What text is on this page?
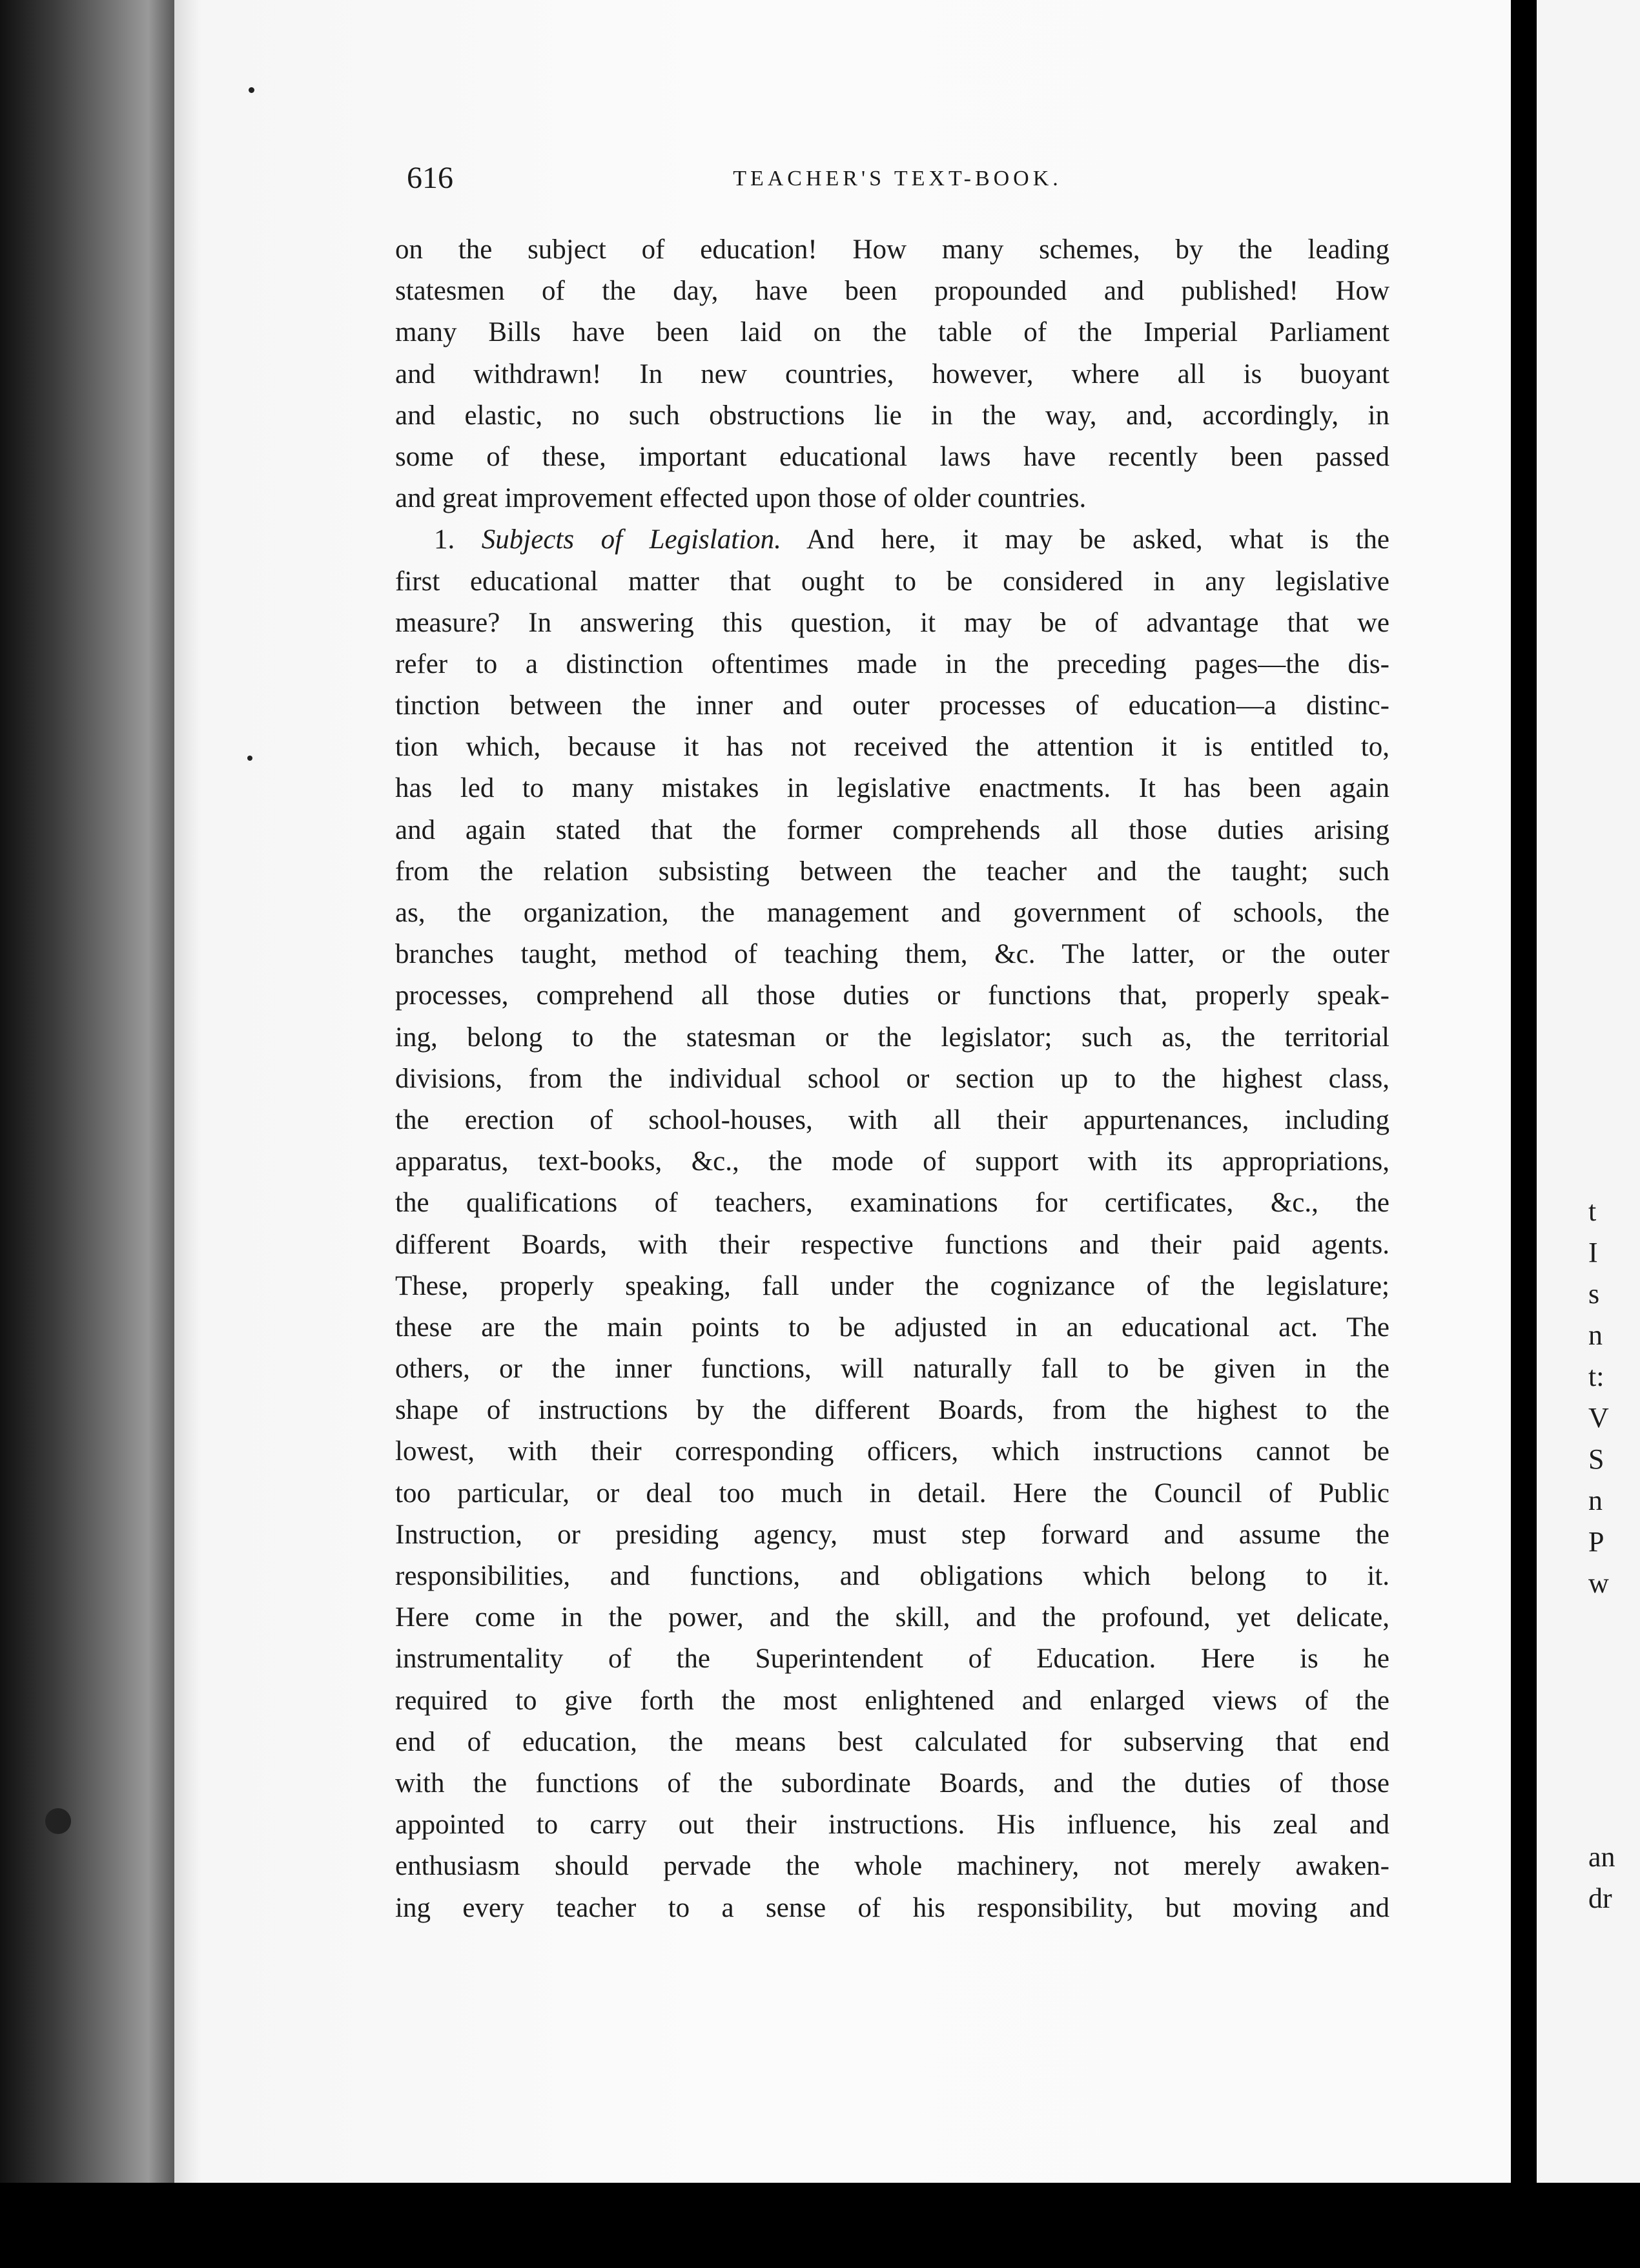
616	TEACHER'S TEXT-BOOK.
on the subject of education! How many schemes, by the leading
statesmen of the day, have been propounded and published! How
many Bills have been laid on the table of the Imperial Parliament
and withdrawn! In new countries, however, where all is buoyant
and elastic, no such obstructions lie in the way, and, accordingly, in
some of these, important educational laws have recently been passed
and great improvement effected upon those of older countries.
1. Subjects of Legislation. And here, it may be asked, what is the
first educational matter that ought to be considered in any legislative
measure? In answering this question, it may be of advantage that we
refer to a distinction oftentimes made in the preceding pages—the dis-
tinction between the inner and outer processes of education—a distinc-
tion which, because it has not received the attention it is entitled to,
has led to many mistakes in legislative enactments. It has been again
and again stated that the former comprehends all those duties arising
from the relation subsisting between the teacher and the taught; such
as, the organization, the management and government of schools, the
branches taught, method of teaching them, &c. The latter, or the outer
processes, comprehend all those duties or functions that, properly speak-
ing, belong to the statesman or the legislator; such as, the territorial
divisions, from the individual school or section up to the highest class,
the erection of school-houses, with all their appurtenances, including
apparatus, text-books, &c., the mode of support with its appropriations,
the qualifications of teachers, examinations for certificates, &c., the
different Boards, with their respective functions and their paid agents.
These, properly speaking, fall under the cognizance of the legislature;
these are the main points to be adjusted in an educational act. The
others, or the inner functions, will naturally fall to be given in the
shape of instructions by the different Boards, from the highest to the
lowest, with their corresponding officers, which instructions cannot be
too particular, or deal too much in detail. Here the Council of Public
Instruction, or presiding agency, must step forward and assume the
responsibilities, and functions, and obligations which belong to it.
Here come in the power, and the skill, and the profound, yet delicate,
instrumentality of the Superintendent of Education. Here is he
required to give forth the most enlightened and enlarged views of the
end of education, the means best calculated for subserving that end
with the functions of the subordinate Boards, and the duties of those
appointed to carry out their instructions. His influence, his zeal and
enthusiasm should pervade the whole machinery, not merely awaken-
ing every teacher to a sense of his responsibility, but moving and
t
I
s
n
t:
V
S
n
P
w
an
dr
